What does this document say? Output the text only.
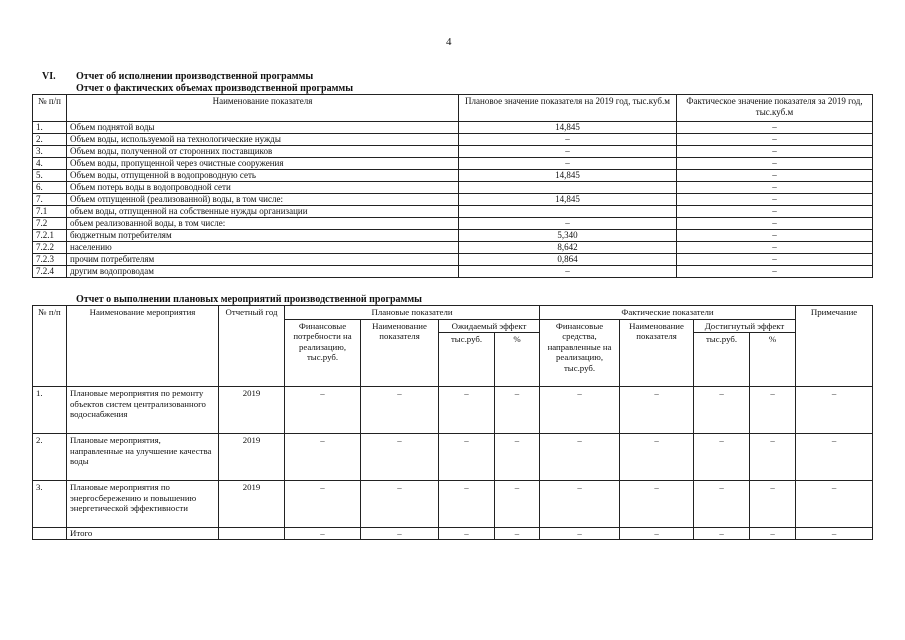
4
VI. Отчет об исполнении производственной программы
Отчет о фактических объемах производственной программы
№ п/п	Наименование показателя	Плановое значение показателя на 2019 год, тыс.куб.м	Фактическое значение показателя за 2019 год, тыс.куб.м
1.	Объем поднятой воды	14,845	–
2.	Объем воды, используемой на технологические нужды	–	–
3.	Объем воды, полученной от сторонних поставщиков	–	–
4.	Объем воды, пропущенной через очистные сооружения	–	–
5.	Объем воды, отпущенной в водопроводную сеть	14,845	–
6.	Объем потерь воды в водопроводной сети		–
7.	Объем отпущенной (реализованной) воды, в том числе:	14,845	–
7.1	объем воды, отпущенной на собственные нужды организации		–
7.2	объем реализованной воды, в том числе:	–	–
7.2.1	бюджетным потребителям	5,340	–
7.2.2	населению	8,642	–
7.2.3	прочим потребителям	0,864	–
7.2.4	другим водопроводам	–	–
Отчет о выполнении плановых мероприятий производственной программы
№ п/п	Наименование мероприятия	Отчетный год	Плановые показатели				Фактические показатели				Примечание
			Финансовые потребности на реализацию, тыс.руб.	Наименование показателя	Ожидаемый эффект		Финансовые средства, направленные на реализацию, тыс.руб.	Наименование показателя	Достигнутый эффект		
					тыс.руб.	%			тыс.руб.	%	
1.	Плановые мероприятия по ремонту объектов систем централизованного водоснабжения	2019	–	–	–	–	–	–	–	–	–
2.	Плановые мероприятия, направленные на улучшение качества воды	2019	–	–	–	–	–	–	–	–	–
3.	Плановые мероприятия по энергосбережению и повышению энергетической эффективности	2019	–	–	–	–	–	–	–	–	–
	Итого		–	–	–	–	–	–	–	–	–
